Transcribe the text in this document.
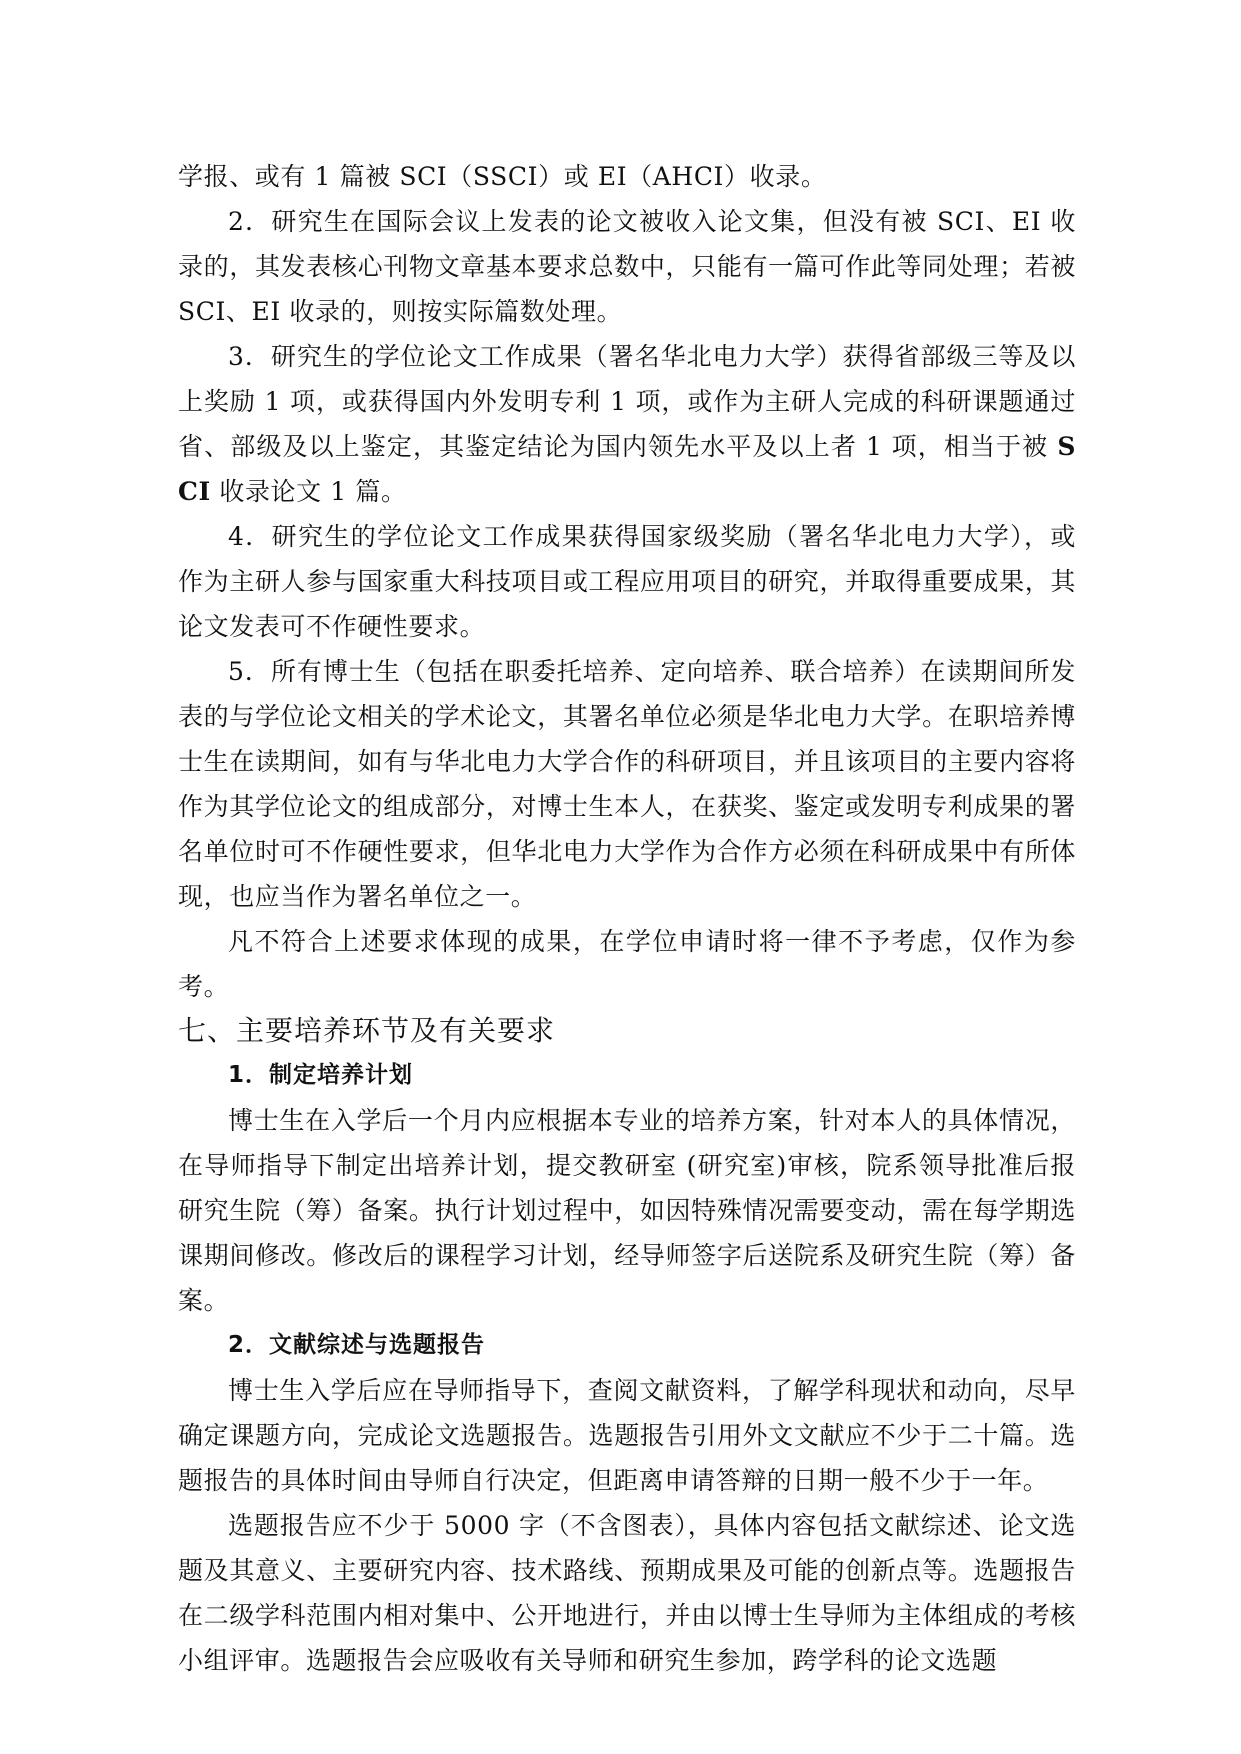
学报、或有 1 篇被 SCI（SSCI）或 EI（AHCI）收录。

2．研究生在国际会议上发表的论文被收入论文集，但没有被 SCI、EI 收录的，其发表核心刊物文章基本要求总数中，只能有一篇可作此等同处理；若被 SCI、EI 收录的，则按实际篇数处理。

3．研究生的学位论文工作成果（署名华北电力大学）获得省部级三等及以上奖励 1 项，或获得国内外发明专利 1 项，或作为主研人完成的科研课题通过省、部级及以上鉴定，其鉴定结论为国内领先水平及以上者 1 项，相当于被 SCI 收录论文 1 篇。

4．研究生的学位论文工作成果获得国家级奖励（署名华北电力大学），或作为主研人参与国家重大科技项目或工程应用项目的研究，并取得重要成果，其论文发表可不作硬性要求。

5．所有博士生（包括在职委托培养、定向培养、联合培养）在读期间所发表的与学位论文相关的学术论文，其署名单位必须是华北电力大学。在职培养博士生在读期间，如有与华北电力大学合作的科研项目，并且该项目的主要内容将作为其学位论文的组成部分，对博士生本人，在获奖、鉴定或发明专利成果的署名单位时可不作硬性要求，但华北电力大学作为合作方必须在科研成果中有所体现，也应当作为署名单位之一。

凡不符合上述要求体现的成果，在学位申请时将一律不予考虑，仅作为参考。

七、主要培养环节及有关要求
1．制定培养计划

博士生在入学后一个月内应根据本专业的培养方案，针对本人的具体情况，在导师指导下制定出培养计划，提交教研室 (研究室)审核，院系领导批准后报研究生院（筹）备案。执行计划过程中，如因特殊情况需要变动，需在每学期选课期间修改。修改后的课程学习计划，经导师签字后送院系及研究生院（筹）备案。

2．文献综述与选题报告

博士生入学后应在导师指导下，查阅文献资料，了解学科现状和动向，尽早确定课题方向，完成论文选题报告。选题报告引用外文文献应不少于二十篇。选题报告的具体时间由导师自行决定，但距离申请答辩的日期一般不少于一年。

选题报告应不少于 5000 字（不含图表），具体内容包括文献综述、论文选题及其意义、主要研究内容、技术路线、预期成果及可能的创新点等。选题报告在二级学科范围内相对集中、公开地进行，并由以博士生导师为主体组成的考核小组评审。选题报告会应吸收有关导师和研究生参加，跨学科的论文选题
